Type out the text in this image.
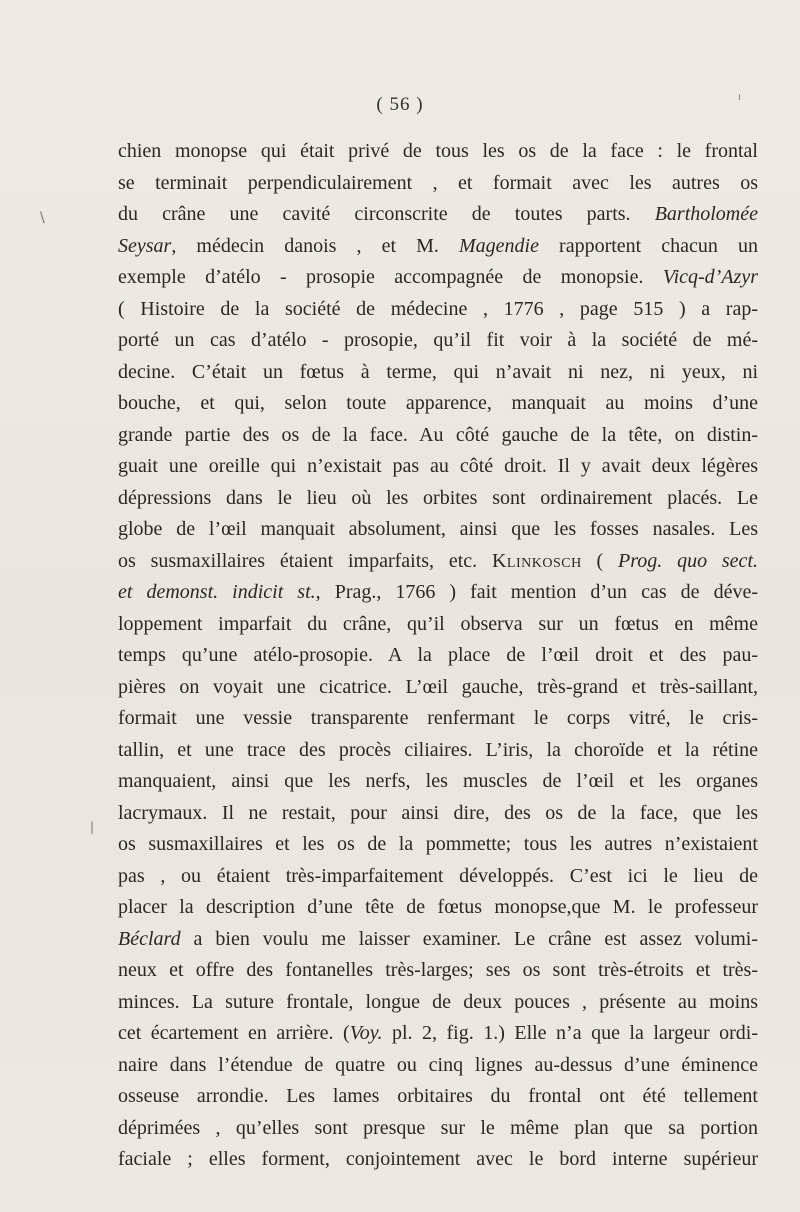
( 56 )
chien monopse qui était privé de tous les os de la face : le frontal
se terminait perpendiculairement , et formait avec les autres os
du crâne une cavité circonscrite de toutes parts. Bartholomée
Seysar, médecin danois , et M. Magendie rapportent chacun un
exemple d’atélo - prosopie accompagnée de monopsie. Vicq-d’Azyr
( Histoire de la société de médecine , 1776 , page 515 ) a rap-
porté un cas d’atélo - prosopie, qu’il fit voir à la société de mé-
decine. C’était un fœtus à terme, qui n’avait ni nez, ni yeux, ni
bouche, et qui, selon toute apparence, manquait au moins d’une
grande partie des os de la face. Au côté gauche de la tête, on distin-
guait une oreille qui n’existait pas au côté droit. Il y avait deux légères
dépressions dans le lieu où les orbites sont ordinairement placés. Le
globe de l’œil manquait absolument, ainsi que les fosses nasales. Les
os susmaxillaires étaient imparfaits, etc. Klinkosch ( Prog. quo sect.
et demonst. indicit st., Prag., 1766 ) fait mention d’un cas de déve-
loppement imparfait du crâne, qu’il observa sur un fœtus en même
temps qu’une atélo-prosopie. A la place de l’œil droit et des pau-
pières on voyait une cicatrice. L’œil gauche, très-grand et très-saillant,
formait une vessie transparente renfermant le corps vitré, le cris-
tallin, et une trace des procès ciliaires. L’iris, la choroïde et la rétine
manquaient, ainsi que les nerfs, les muscles de l’œil et les organes
lacrymaux. Il ne restait, pour ainsi dire, des os de la face, que les
os susmaxillaires et les os de la pommette; tous les autres n’existaient
pas , ou étaient très-imparfaitement développés. C’est ici le lieu de
placer la description d’une tête de fœtus monopse,que M. le professeur
Béclard a bien voulu me laisser examiner. Le crâne est assez volumi-
neux et offre des fontanelles très-larges; ses os sont très-étroits et très-
minces. La suture frontale, longue de deux pouces , présente au moins
cet écartement en arrière. (Voy. pl. 2, fig. 1.) Elle n’a que la largeur ordi-
naire dans l’étendue de quatre ou cinq lignes au-dessus d’une éminence
osseuse arrondie. Les lames orbitaires du frontal ont été tellement
déprimées , qu’elles sont presque sur le même plan que sa portion
faciale ; elles forment, conjointement avec le bord interne supérieur
\
ı
|
